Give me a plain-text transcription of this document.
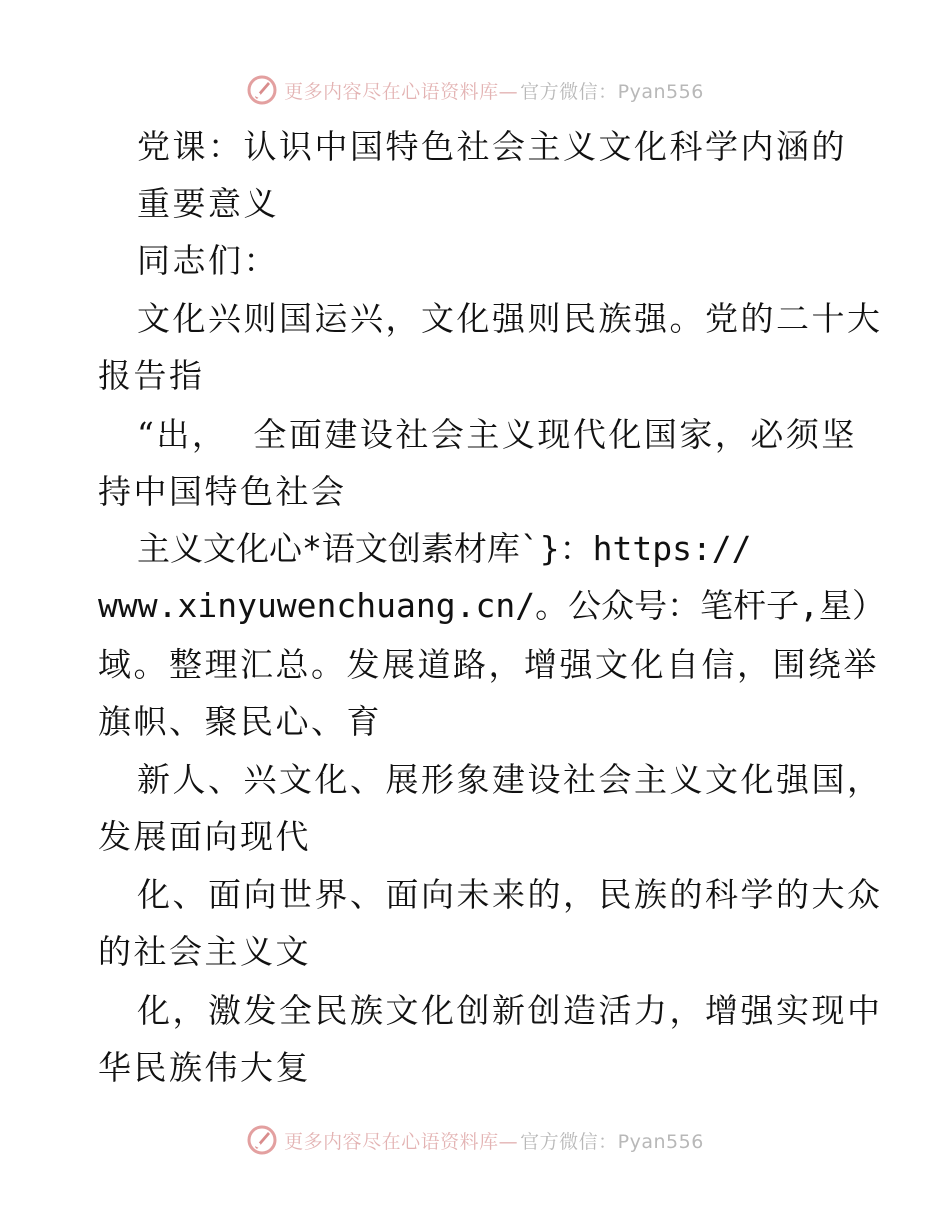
更多内容尽在心语资料库— 官方微信：Pyan556
党课：认识中国特色社会主义文化科学内涵的
重要意义
同志们：
文化兴则国运兴，文化强则民族强。党的二十大
报告指
“出，  全面建设社会主义现代化国家，必须坚
持中国特色社会
主义文化心*语文创素材库`}：https://
www.xinyuwenchuang.cn/。公众号：笔杆子,星）
域。整理汇总。发展道路，增强文化自信，围绕举
旗帜、聚民心、育
新人、兴文化、展形象建设社会主义文化强国，
发展面向现代
化、面向世界、面向未来的，民族的科学的大众
的社会主义文
化，激发全民族文化创新创造活力，增强实现中
华民族伟大复
更多内容尽在心语资料库— 官方微信：Pyan556
